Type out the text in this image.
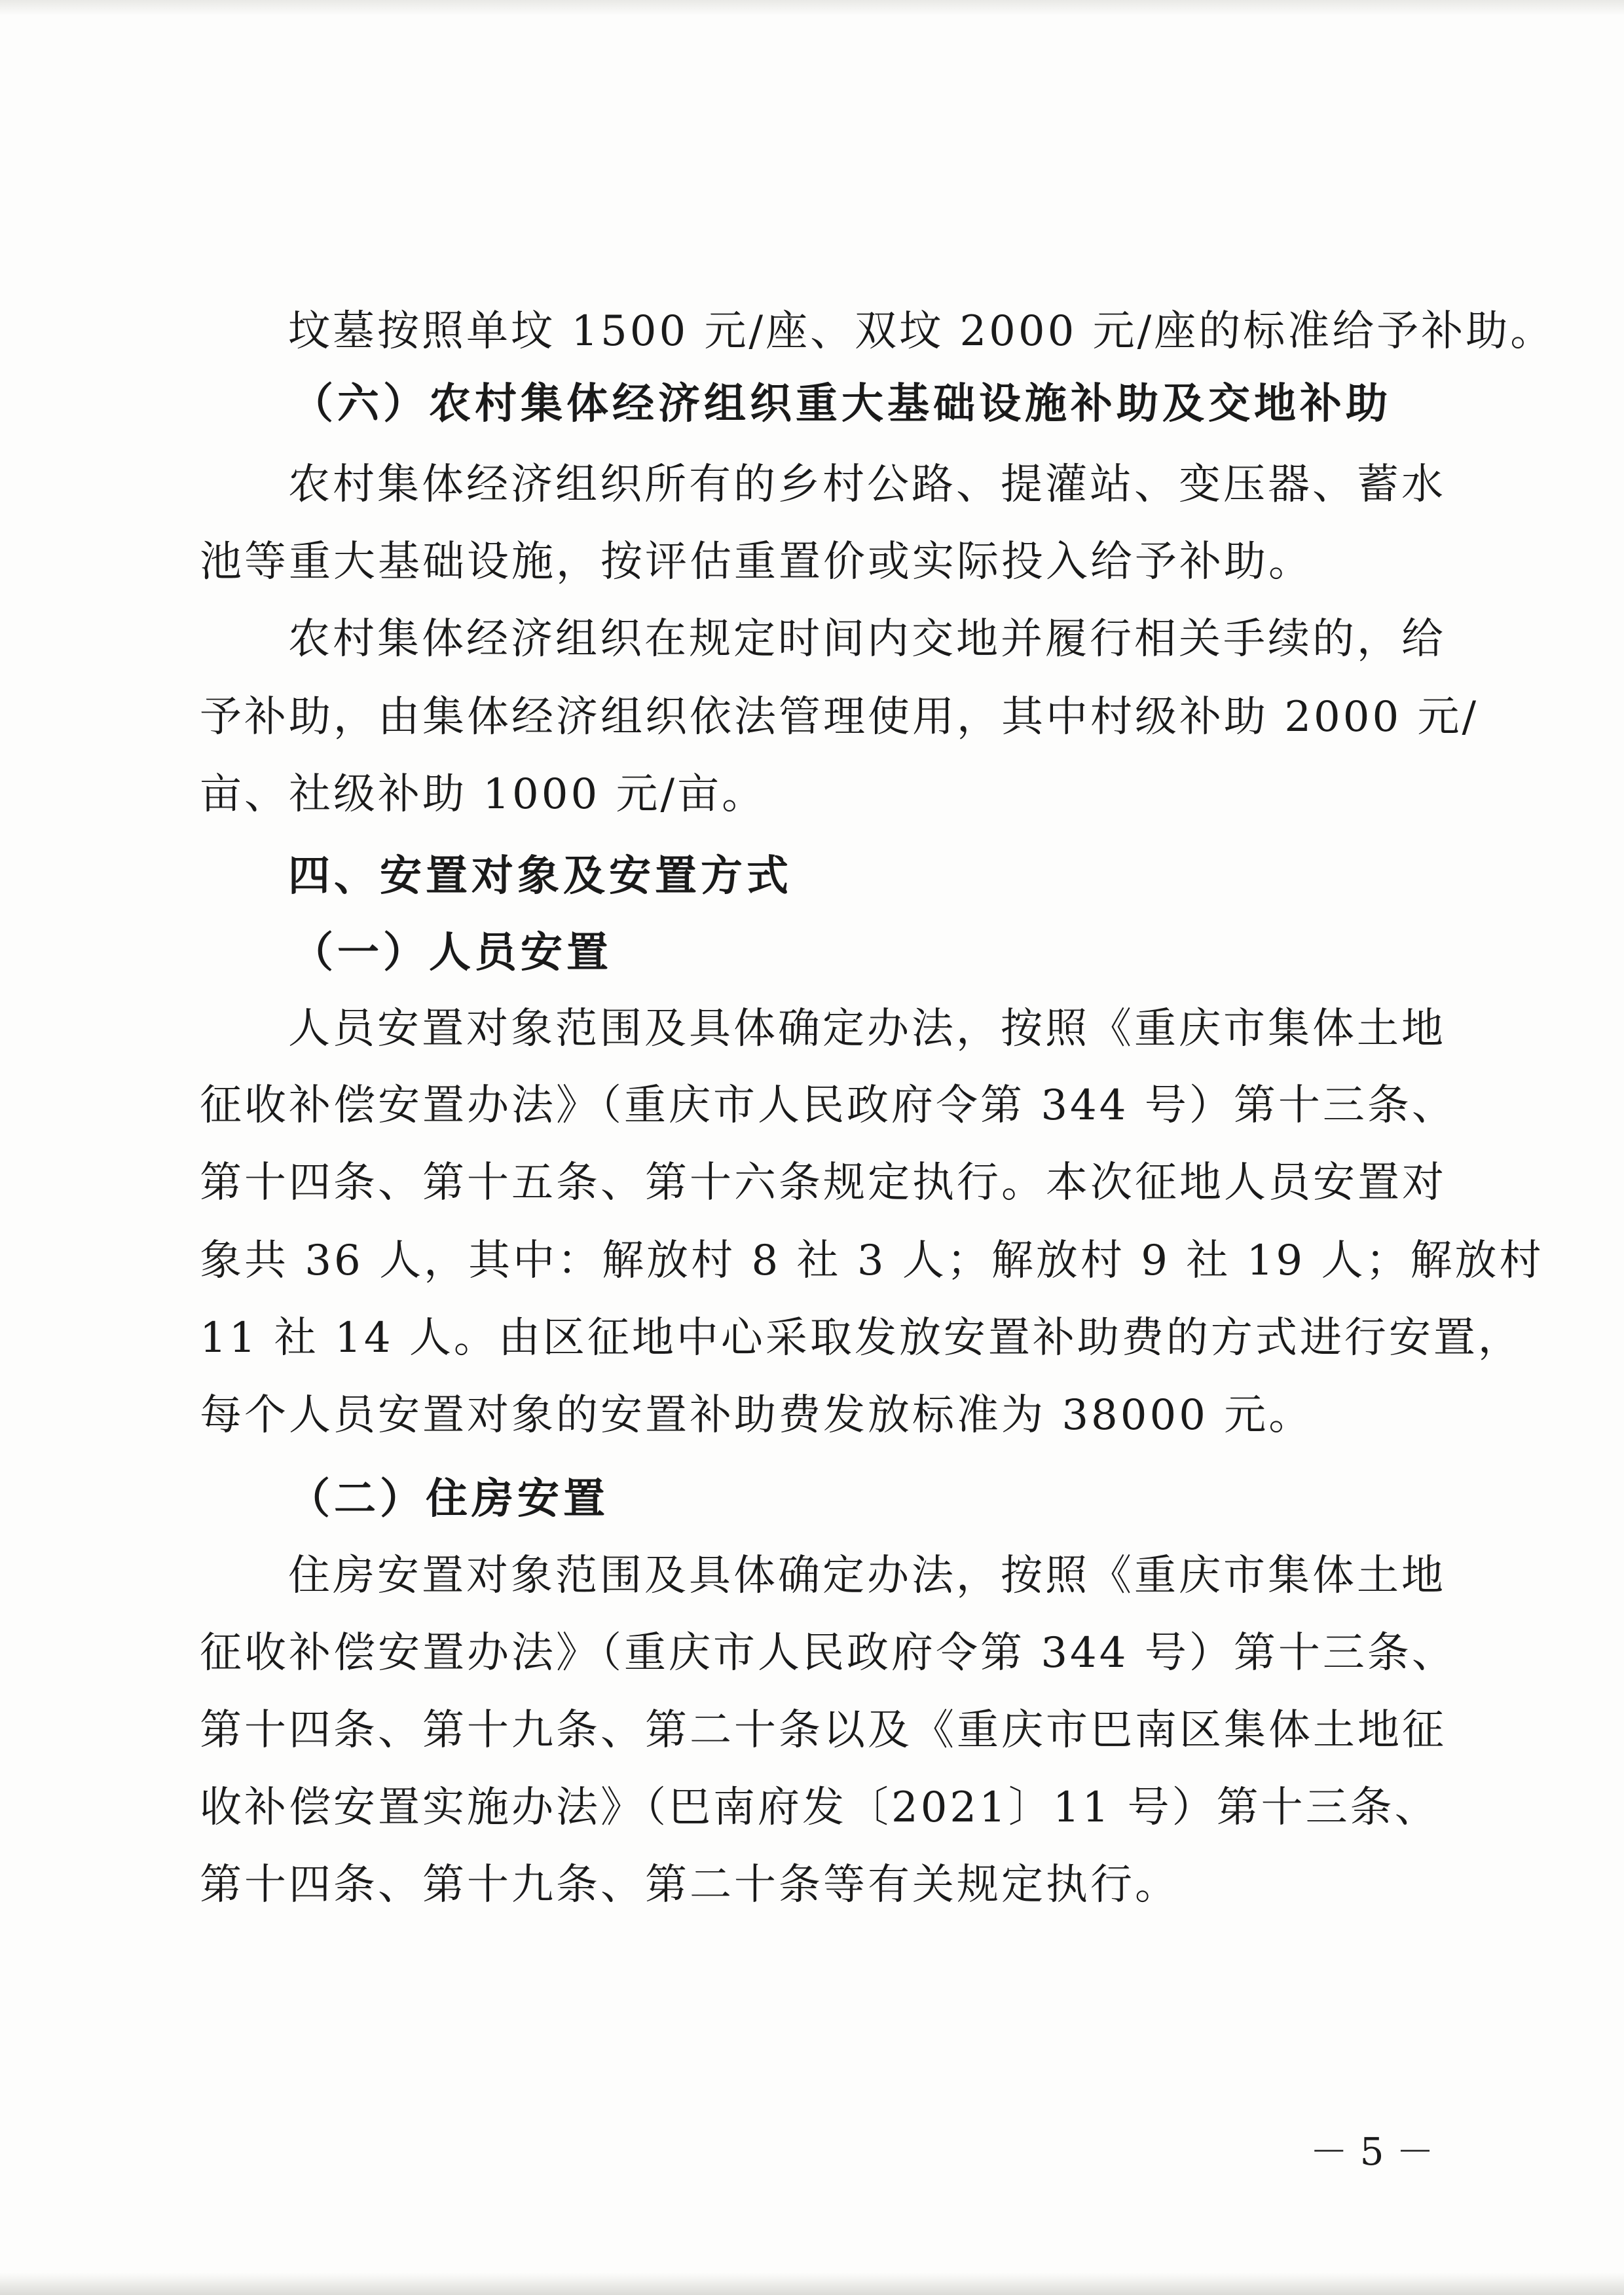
坟墓按照单坟 1500 元/座、双坟 2000 元/座的标准给予补助。
（六）农村集体经济组织重大基础设施补助及交地补助
农村集体经济组织所有的乡村公路、提灌站、变压器、蓄水
池等重大基础设施，按评估重置价或实际投入给予补助。
农村集体经济组织在规定时间内交地并履行相关手续的，给
予补助，由集体经济组织依法管理使用，其中村级补助 2000 元/
亩、社级补助 1000 元/亩。
四、安置对象及安置方式
（一）人员安置
人员安置对象范围及具体确定办法，按照《重庆市集体土地
征收补偿安置办法》（重庆市人民政府令第 344 号）第十三条、
第十四条、第十五条、第十六条规定执行。本次征地人员安置对
象共 36 人，其中：解放村 8 社 3 人；解放村 9 社 19 人；解放村
11 社 14 人。由区征地中心采取发放安置补助费的方式进行安置，
每个人员安置对象的安置补助费发放标准为 38000 元。
（二）住房安置
住房安置对象范围及具体确定办法，按照《重庆市集体土地
征收补偿安置办法》（重庆市人民政府令第 344 号）第十三条、
第十四条、第十九条、第二十条以及《重庆市巴南区集体土地征
收补偿安置实施办法》（巴南府发〔2021〕11 号）第十三条、
第十四条、第十九条、第二十条等有关规定执行。
－ 5 －
